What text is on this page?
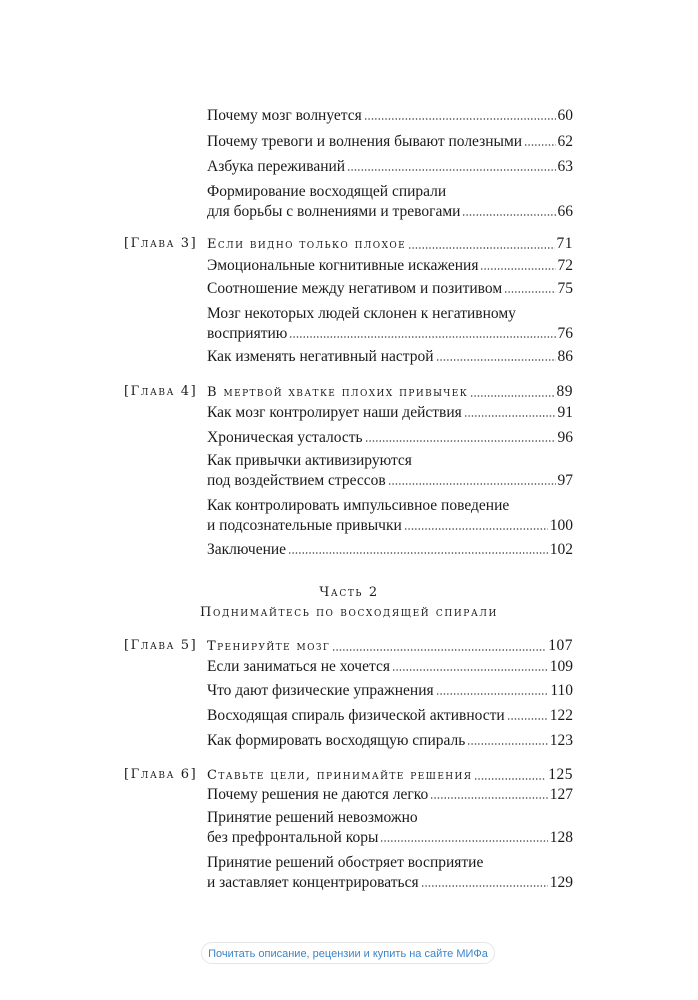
Почему мозг волнуется	60
Почему тревоги и волнения бывают полезными 62
Азбука переживаний	63
Формирование восходящей спирали
для борьбы с волнениями и тревогами	66
[Глава 3] Если видно только плохое	71
Эмоциональные когнитивные искажения	72
Соотношение между негативом и позитивом	75
Мозг некоторых людей склонен к негативному
восприятию	76
Как изменять негативный настрой	86
[Глава 4] В мертвой хватке плохих привычек	89
Как мозг контролирует наши действия	91
Хроническая усталость	96
Как привычки активизируются
под воздействием стрессов	97
Как контролировать импульсивное поведение
и подсознательные привычки	100
Заключение	102
Часть 2
Поднимайтесь по восходящей спирали
[Глава 5] Тренируйте мозг	107
Если заниматься не хочется	109
Что дают физические упражнения	110
Восходящая спираль физической активности	122
Как формировать восходящую спираль	123
[Глава 6] Ставьте цели, принимайте решения	125
Почему решения не даются легко	127
Принятие решений невозможно
без префронтальной коры	128
Принятие решений обостряет восприятие
и заставляет концентрироваться	129
Почитать описание, рецензии и купить на сайте МИФа
